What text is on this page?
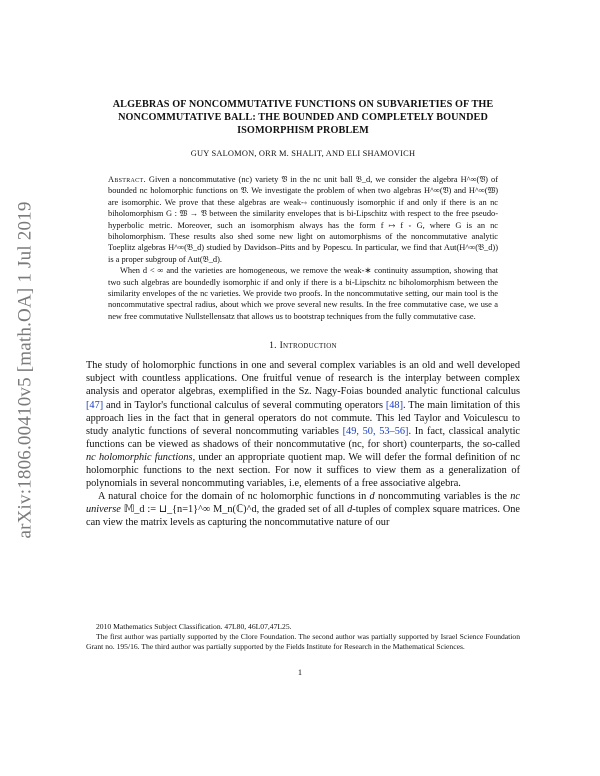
arXiv:1806.00410v5 [math.OA] 1 Jul 2019
ALGEBRAS OF NONCOMMUTATIVE FUNCTIONS ON SUBVARIETIES OF THE
NONCOMMUTATIVE BALL: THE BOUNDED AND COMPLETELY BOUNDED
ISOMORPHISM PROBLEM
GUY SALOMON, ORR M. SHALIT, AND ELI SHAMOVICH

Abstract. Given a noncommutative (nc) variety 𝔙 in the nc unit ball 𝔅_d, we consider the algebra H^∞(𝔙) of bounded nc holomorphic functions on 𝔙. We investigate the problem of when two algebras H^∞(𝔙) and H^∞(𝔚) are isomorphic. We prove that these algebras are weak-∗ continuously isomorphic if and only if there is an nc biholomorphism G : 𝔚 → 𝔙 between the similarity envelopes that is bi-Lipschitz with respect to the free pseudo-hyperbolic metric. Moreover, such an isomorphism always has the form f ↦ f ∘ G, where G is an nc biholomorphism. These results also shed some new light on automorphisms of the noncommutative analytic Toeplitz algebras H^∞(𝔅_d) studied by Davidson–Pitts and by Popescu. In particular, we find that Aut(H^∞(𝔅_d)) is a proper subgroup of Aut(𝔅_d).

When d < ∞ and the varieties are homogeneous, we remove the weak-∗ continuity assumption, showing that two such algebras are boundedly isomorphic if and only if there is a bi-Lipschitz nc biholomorphism between the similarity envelopes of the nc varieties. We provide two proofs. In the noncommutative setting, our main tool is the noncommutative spectral radius, about which we prove several new results. In the free commutative case, we use a new free commutative Nullstellensatz that allows us to bootstrap techniques from the fully commutative case.

1. Introduction

The study of holomorphic functions in one and several complex variables is an old and well developed subject with countless applications. One fruitful venue of research is the interplay between complex analysis and operator algebras, exemplified in the Sz. Nagy-Foias bounded analytic functional calculus [47] and in Taylor's functional calculus of several commuting operators [48]. The main limitation of this approach lies in the fact that in general operators do not commute. This led Taylor and Voiculescu to study analytic functions of several noncommuting variables [49, 50, 53–56]. In fact, classical analytic functions can be viewed as shadows of their noncommutative (nc, for short) counterparts, the so-called nc holomorphic functions, under an appropriate quotient map. We will defer the formal definition of nc holomorphic functions to the next section. For now it suffices to view them as a generalization of polynomials in several noncommuting variables, i.e, elements of a free associative algebra.

A natural choice for the domain of nc holomorphic functions in d noncommuting variables is the nc universe 𝕄_d := ⊔_{n=1}^∞ M_n(ℂ)^d, the graded set of all d-tuples of complex square matrices. One can view the matrix levels as capturing the noncommutative nature of our

2010 Mathematics Subject Classification. 47L80, 46L07,47L25.

The first author was partially supported by the Clore Foundation. The second author was partially supported by Israel Science Foundation Grant no. 195/16. The third author was partially supported by the Fields Institute for Research in the Mathematical Sciences.

1
